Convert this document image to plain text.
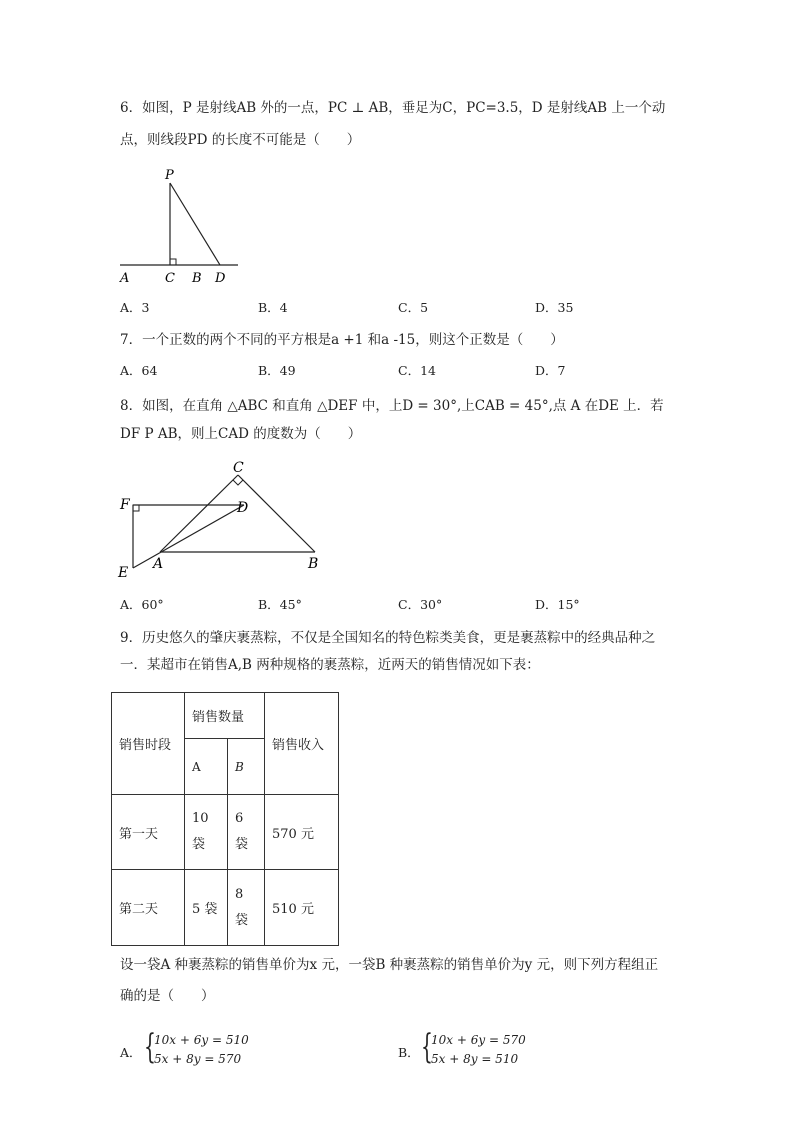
6．如图，P 是射线AB 外的一点，PC ⊥ AB，垂足为C，PC=3.5，D 是射线AB 上一个动
点，则线段PD 的长度不可能是（　　）
P
A	C B D
A．3	B．4	C．5	D．35
7．一个正数的两个不同的平方根是a +1 和a -15，则这个正数是（　　）
A．64	B．49	C．14	D．7
8．如图，在直角 △ABC 和直角 △DEF 中，上D = 30°,上CAB = 45°,点 A 在DE 上．若
DF P AB，则上CAD 的度数为（　　）
C
F	D
E
A	B
A．60°	B．45°	C．30°	D．15°
9．历史悠久的肇庆裹蒸粽，不仅是全国知名的特色粽类美食，更是裹蒸粽中的经典品种之
一．某超市在销售A,B 两种规格的裹蒸粽，近两天的销售情况如下表：
销售时段	销售数量		销售收入
	A	B	
第一天	10 袋	6 袋	570 元
第二天	5 袋	8 袋	510 元
设一袋A 种裹蒸粽的销售单价为x 元，一袋B 种裹蒸粽的销售单价为y 元，则下列方程组正
确的是（　　）
A． {
10x + 6y = 510
5x + 8y = 570	B． {
10x + 6y = 570
5x + 8y = 510
